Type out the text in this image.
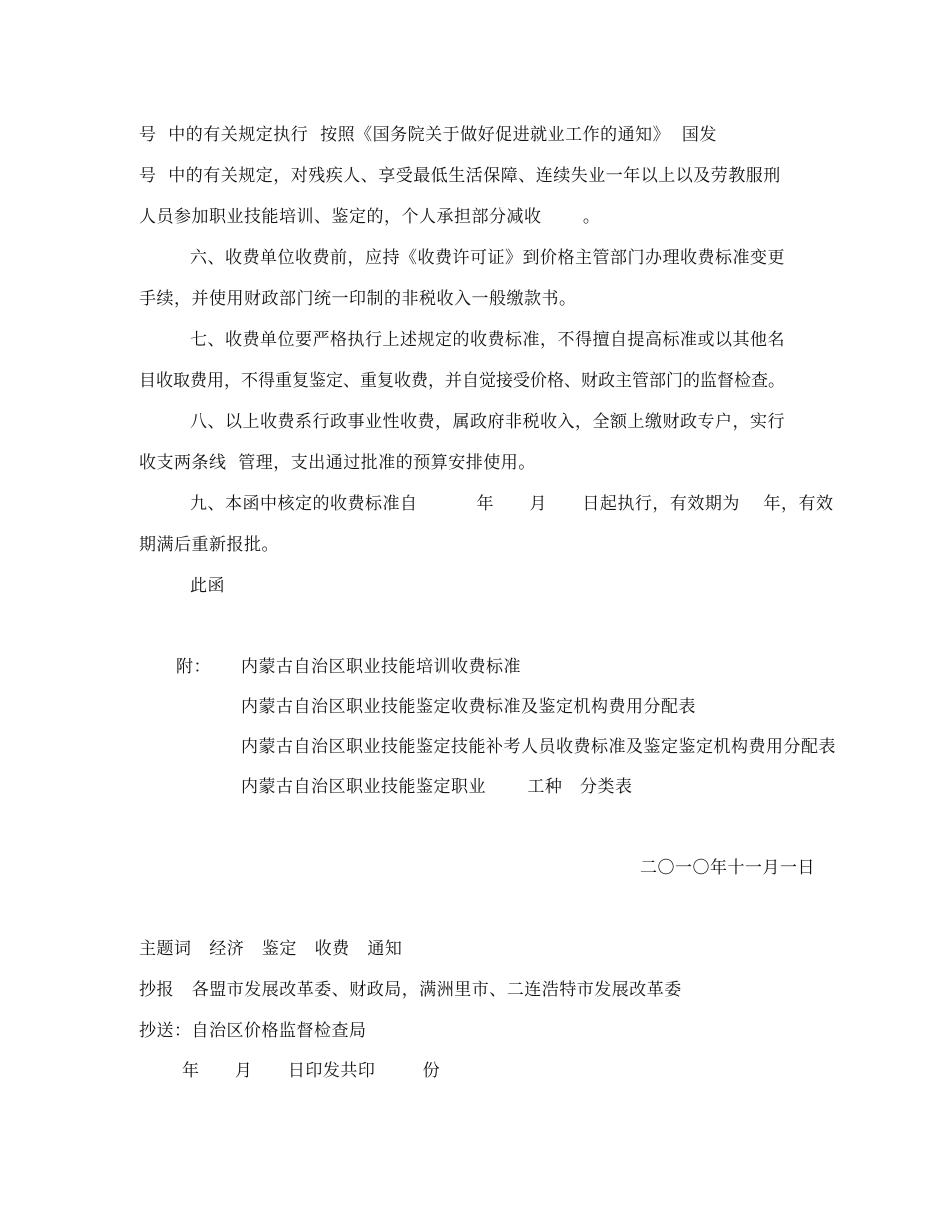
号  中的有关规定执行  按照《国务院关于做好促进就业工作的通知》  国发
号  中的有关规定，对残疾人、享受最低生活保障、连续失业一年以上以及劳教服刑
人员参加职业技能培训、鉴定的，个人承担部分减收       。
六、收费单位收费前，应持《收费许可证》到价格主管部门办理收费标准变更
手续，并使用财政部门统一印制的非税收入一般缴款书。
七、收费单位要严格执行上述规定的收费标准，不得擅自提高标准或以其他名
目收取费用，不得重复鉴定、重复收费，并自觉接受价格、财政主管部门的监督检查。
八、以上收费系行政事业性收费，属政府非税收入，全额上缴财政专户，实行
收支两条线  管理，支出通过批准的预算安排使用。
九、本函中核定的收费标准自          年      月      日起执行，有效期为    年，有效
期满后重新报批。
此函
附： 内蒙古自治区职业技能培训收费标准
内蒙古自治区职业技能鉴定收费标准及鉴定机构费用分配表
内蒙古自治区职业技能鉴定技能补考人员收费标准及鉴定鉴定机构费用分配表
内蒙古自治区职业技能鉴定职业       工种   分类表
二〇一〇年十一月一日
主题词   经济   鉴定   收费   通知
抄报   各盟市发展改革委、财政局，满洲里市、二连浩特市发展改革委
抄送：自治区价格监督检查局
年      月      日印发共印        份
